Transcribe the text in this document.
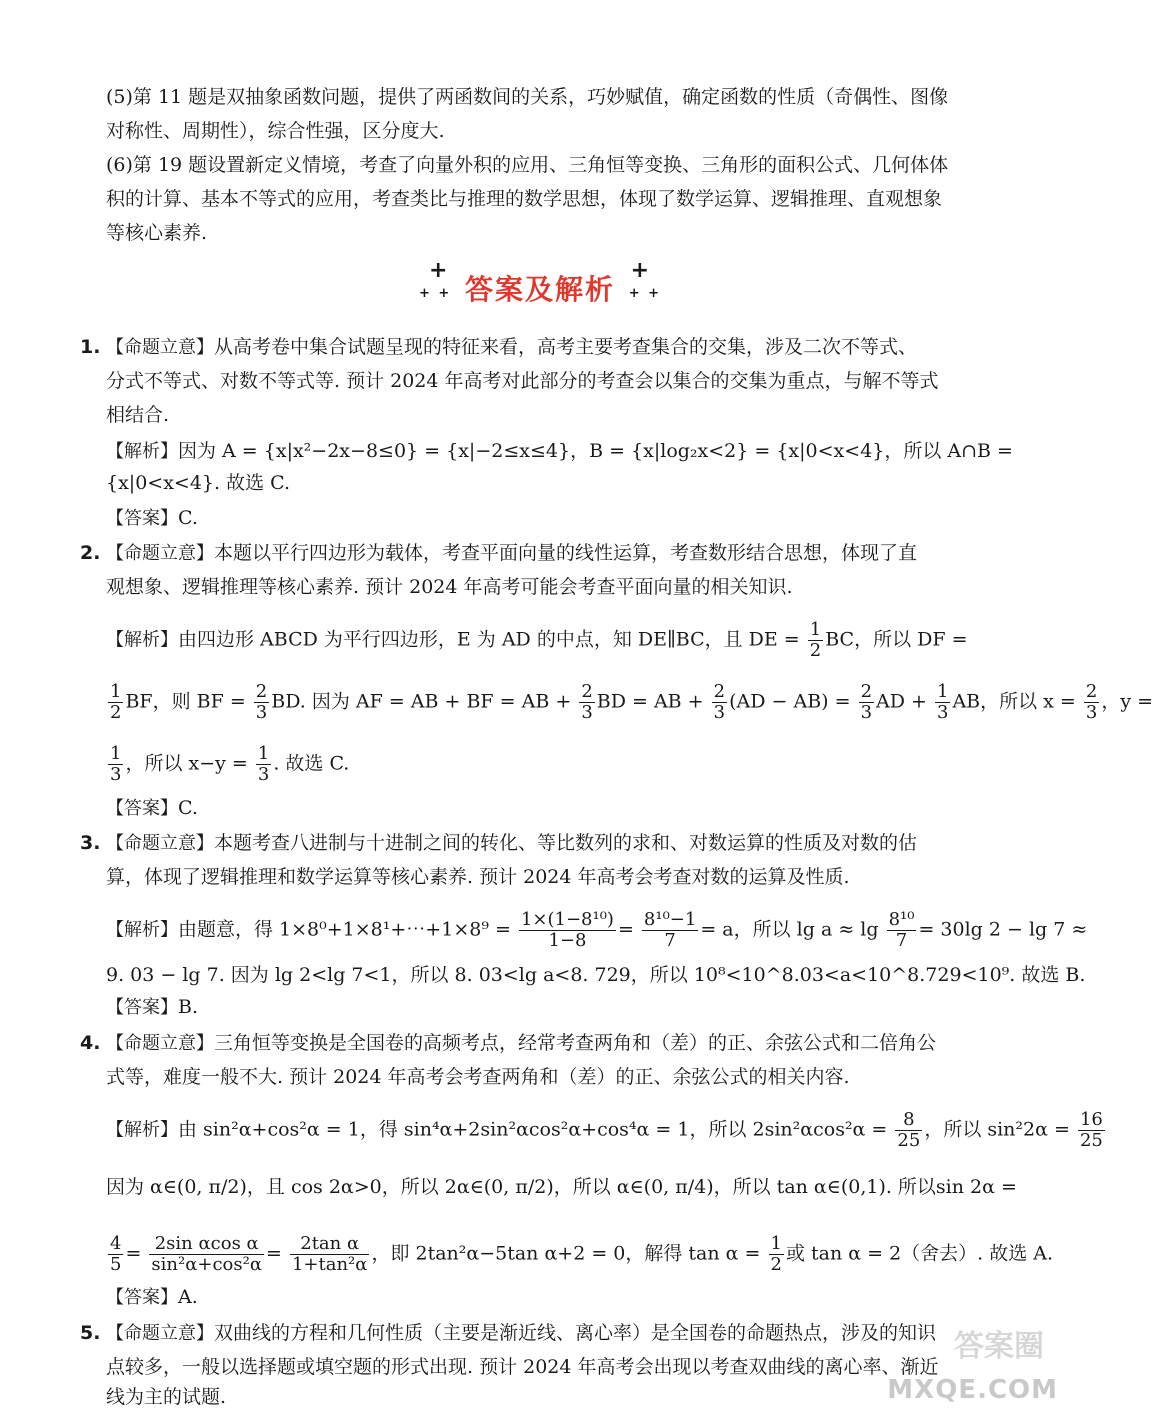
(5)第 11 题是双抽象函数问题，提供了两函数间的关系，巧妙赋值，确定函数的性质（奇偶性、图像
对称性、周期性），综合性强，区分度大.
(6)第 19 题设置新定义情境，考查了向量外积的应用、三角恒等变换、三角形的面积公式、几何体体
积的计算、基本不等式的应用，考查类比与推理的数学思想，体现了数学运算、逻辑推理、直观想象
等核心素养.
+
+ + 答案及解析
+
+ +
1. 【命题立意】从高考卷中集合试题呈现的特征来看，高考主要考查集合的交集，涉及二次不等式、
分式不等式、对数不等式等. 预计 2024 年高考对此部分的考查会以集合的交集为重点，与解不等式
相结合.
【解析】因为 A = {x|x²−2x−8≤0} = {x|−2≤x≤4}，B = {x|log₂x<2} = {x|0<x<4}，所以 A∩B =
{x|0<x<4}. 故选 C.
【答案】C.
2. 【命题立意】本题以平行四边形为载体，考查平面向量的线性运算，考查数形结合思想，体现了直
观想象、逻辑推理等核心素养. 预计 2024 年高考可能会考查平面向量的相关知识.
【解析】由四边形 ABCD 为平行四边形，E 为 AD 的中点，知 DE∥BC，且 DE = $\frac{1}{2}$ BC，所以 DF =
$\frac{1}{2}$ BF，则 BF = $\frac{2}{3}$ BD. 因为 AF = AB + BF = AB + $\frac{2}{3}$ BD = AB + $\frac{2}{3} (AD - AB) = \frac{2}{3}$ AD + $\frac{1}{3}$ AB，所以 $x = \frac{2}{3}$ ，y =
$\frac{1}{3}$ ，所以 $x-y = \frac{1}{3}$ . 故选 C.
【答案】C.
3. 【命题立意】本题考查八进制与十进制之间的转化、等比数列的求和、对数运算的性质及对数的估
算，体现了逻辑推理和数学运算等核心素养. 预计 2024 年高考会考查对数的运算及性质.
【解析】由题意，得 1×8⁰+1×8¹+⋯+1×8⁹ = $\frac{\text{1×(1−8¹⁰)}}{1-8} = \frac{\text{8¹⁰−1}}{7} = a$，所以 $\lg a \approx \lg \frac{\text{8¹⁰}}{7} = 30\lg$ 2 − lg 7 ≈
9. 03 − lg 7. 因为 lg 2<lg 7<1，所以 8. 03<lg a<8. 729，所以 10⁸<10^8.03<a<10^8.729<10⁹. 故选 B.
【答案】B.
4. 【命题立意】三角恒等变换是全国卷的高频考点，经常考查两角和（差）的正、余弦公式和二倍角公
式等，难度一般不大. 预计 2024 年高考会考查两角和（差）的正、余弦公式的相关内容.
【解析】由 sin²α+cos²α = 1，得 sin⁴α+2sin²αcos²α+cos⁴α = 1，所以 $2\sin^2\alpha\cos^2\alpha = \frac{8}{25}$ ，所以 $\sin^22\alpha = \frac{16}{25}$
因为 α∈(0, π/2)，且 cos 2α>0，所以 2α∈(0, π/2)，所以 α∈(0, π/4)，所以 tan α∈(0,1). 所以sin 2α =
$\frac{4}{5} = \frac{\text{2sin αcos α}}{\text{sin²α+cos²α}} = \frac{\text{2tan α}}{\text{1+tan²α}}$ ，即 2tan²α−5tan α+2 = 0，解得 $\tan \alpha = \frac{1}{2}$ 或 tan α = 2（舍去）. 故选 A.
【答案】A.
5. 【命题立意】双曲线的方程和几何性质（主要是渐近线、离心率）是全国卷的命题热点，涉及的知识
点较多，一般以选择题或填空题的形式出现. 预计 2024 年高考会出现以考查双曲线的离心率、渐近
线为主的试题.
答案圈
MXQE.COM
